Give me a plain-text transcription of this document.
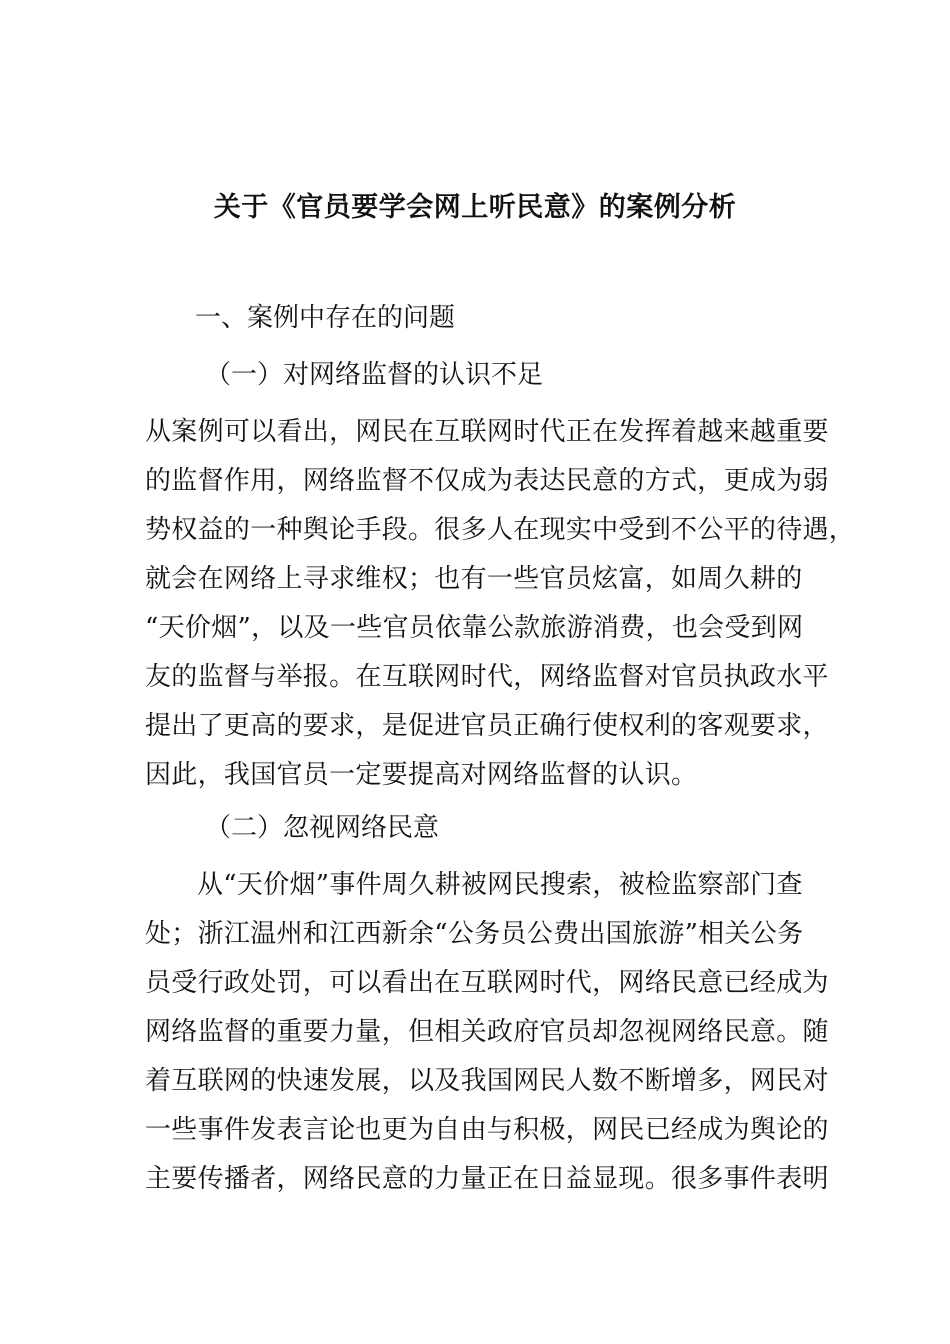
关于《官员要学会网上听民意》的案例分析

一、案例中存在的问题

（一）对网络监督的认识不足

从案例可以看出，网民在互联网时代正在发挥着越来越重要
的监督作用，网络监督不仅成为表达民意的方式，更成为弱
势权益的一种舆论手段。很多人在现实中受到不公平的待遇，
就会在网络上寻求维权；也有一些官员炫富，如周久耕的
“天价烟”，以及一些官员依靠公款旅游消费，也会受到网
友的监督与举报。在互联网时代，网络监督对官员执政水平
提出了更高的要求，是促进官员正确行使权利的客观要求，
因此，我国官员一定要提高对网络监督的认识。

（二）忽视网络民意

从“天价烟”事件周久耕被网民搜索，被检监察部门查
处；浙江温州和江西新余“公务员公费出国旅游”相关公务
员受行政处罚，可以看出在互联网时代，网络民意已经成为
网络监督的重要力量，但相关政府官员却忽视网络民意。随
着互联网的快速发展，以及我国网民人数不断增多，网民对
一些事件发表言论也更为自由与积极，网民已经成为舆论的
主要传播者，网络民意的力量正在日益显现。很多事件表明
